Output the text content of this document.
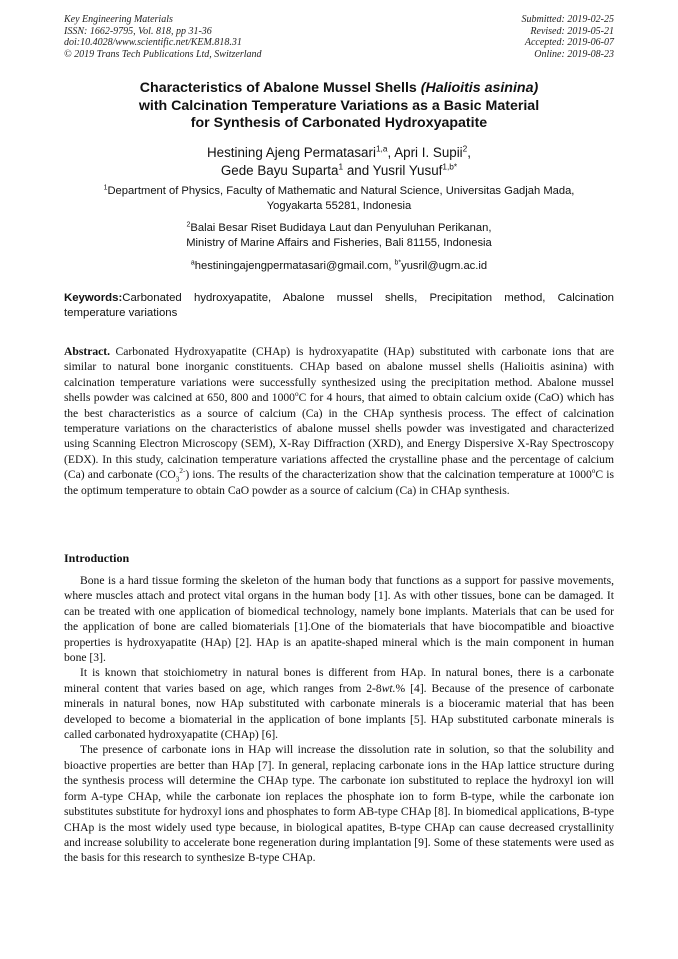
Key Engineering Materials
ISSN: 1662-9795, Vol. 818, pp 31-36
doi:10.4028/www.scientific.net/KEM.818.31
© 2019 Trans Tech Publications Ltd, Switzerland
Submitted: 2019-02-25
Revised: 2019-05-21
Accepted: 2019-06-07
Online: 2019-08-23
Characteristics of Abalone Mussel Shells (Halioitis asinina)
with Calcination Temperature Variations as a Basic Material
for Synthesis of Carbonated Hydroxyapatite
Hestining Ajeng Permatasari$^{1,a}$, Apri I. Supii$^2$,
Gede Bayu Suparta$^1$ and Yusril Yusuf$^{1,b*}$
$^1$Department of Physics, Faculty of Mathematic and Natural Science, Universitas Gadjah Mada,
Yogyakarta 55281, Indonesia
$^2$Balai Besar Riset Budidaya Laut dan Penyuluhan Perikanan,
Ministry of Marine Affairs and Fisheries, Bali 81155, Indonesia
$^a$hestiningajengpermatasari@gmail.com, $^{b*}$yusril@ugm.ac.id
Keywords:Carbonated hydroxyapatite, Abalone mussel shells, Precipitation method, Calcination temperature variations

Abstract. Carbonated Hydroxyapatite (CHAp) is hydroxyapatite (HAp) substituted with carbonate ions that are similar to natural bone inorganic constituents. CHAp based on abalone mussel shells (Halioitis asinina) with calcination temperature variations were successfully synthesized using the precipitation method. Abalone mussel shells powder was calcined at 650, 800 and 1000$^o$C for 4 hours, that aimed to obtain calcium oxide (CaO) which has the best characteristics as a source of calcium (Ca) in the CHAp synthesis process. The effect of calcination temperature variations on the characteristics of abalone mussel shells powder was investigated and characterized using Scanning Electron Microscopy (SEM), X-Ray Diffraction (XRD), and Energy Dispersive X-Ray Spectroscopy (EDX). In this study, calcination temperature variations affected the crystalline phase and the percentage of calcium (Ca) and carbonate $(CO_3^{2-})$ ions. The results of the characterization show that the calcination temperature at 1000$^o$C is the optimum temperature to obtain CaO powder as a source of calcium (Ca) in CHAp synthesis.

Introduction

Bone is a hard tissue forming the skeleton of the human body that functions as a support for passive movements, where muscles attach and protect vital organs in the human body [1]. As with other tissues, bone can be damaged. It can be treated with one application of biomedical technology, namely bone implants. Materials that can be used for the application of bone are called biomaterials [1].One of the biomaterials that have biocompatible and bioactive properties is hydroxyapatite (HAp) [2]. HAp is an apatite-shaped mineral which is the main component in human bone [3].

It is known that stoichiometry in natural bones is different from HAp. In natural bones, there is a carbonate mineral content that varies based on age, which ranges from 2-8wt.% [4]. Because of the presence of carbonate minerals in natural bones, now HAp substituted with carbonate minerals is a bioceramic material that has been developed to become a biomaterial in the application of bone implants [5]. HAp substituted carbonate minerals is called carbonated hydroxyapatite (CHAp) [6].

The presence of carbonate ions in HAp will increase the dissolution rate in solution, so that the solubility and bioactive properties are better than HAp [7]. In general, replacing carbonate ions in the HAp lattice structure during the synthesis process will determine the CHAp type. The carbonate ion substituted to replace the hydroxyl ion will form A-type CHAp, while the carbonate ion replaces the phosphate ion to form B-type, while the carbonate ion substitutes substitute for hydroxyl ions and phosphates to form AB-type CHAp [8]. In biomedical applications, B-type CHAp is the most widely used type because, in biological apatites, B-type CHAp can cause decreased crystallinity and increase solubility to accelerate bone regeneration during implantation [9]. Some of these statements were used as the basis for this research to synthesize B-type CHAp.
